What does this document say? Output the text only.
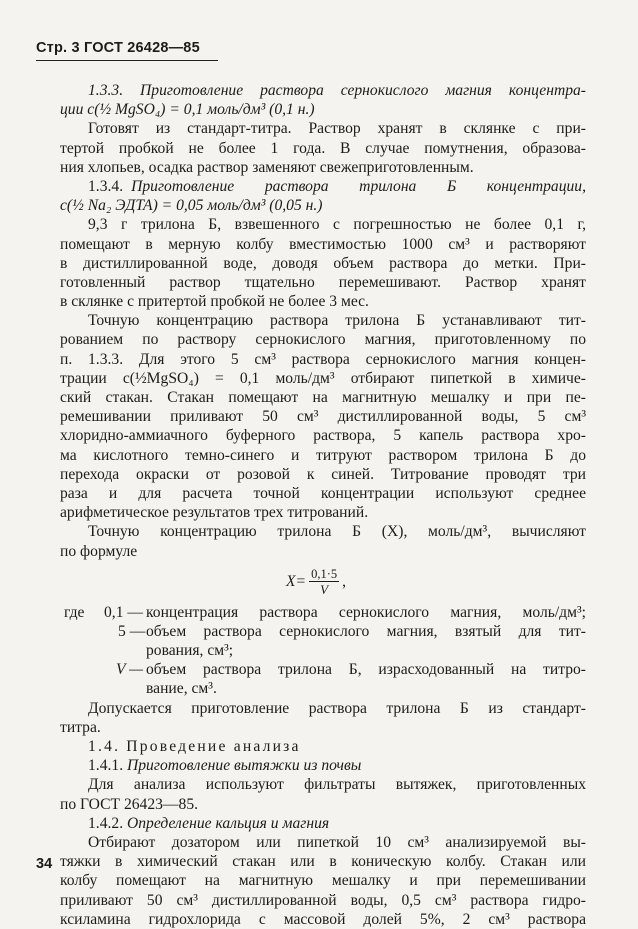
Стр. 3 ГОСТ 26428—85
1.3.3. Приготовление раствора сернокислого магния концентра-
ции c(½ MgSO₄) = 0,1 моль/дм³ (0,1 н.)
Готовят из стандарт-титра. Раствор хранят в склянке с при-
тертой пробкой не более 1 года. В случае помутнения, образова-
ния хлопьев, осадка раствор заменяют свежеприготовленным.
1.3.4. Приготовление раствора трилона Б концентрации,
c(½ Na₂ ЭДТА) = 0,05 моль/дм³ (0,05 н.)
9,3 г трилона Б, взвешенного с погрешностью не более 0,1 г,
помещают в мерную колбу вместимостью 1000 см³ и растворяют
в дистиллированной воде, доводя объем раствора до метки. При-
готовленный раствор тщательно перемешивают. Раствор хранят
в склянке с притертой пробкой не более 3 мес.
Точную концентрацию раствора трилона Б устанавливают тит-
рованием по раствору сернокислого магния, приготовленному по
п. 1.3.3. Для этого 5 см³ раствора сернокислого магния концен-
трации c(½MgSO₄) = 0,1 моль/дм³ отбирают пипеткой в химиче-
ский стакан. Стакан помещают на магнитную мешалку и при пе-
ремешивании приливают 50 см³ дистиллированной воды, 5 см³
хлоридно-аммиачного буферного раствора, 5 капель раствора хро-
ма кислотного темно-синего и титруют раствором трилона Б до
перехода окраски от розовой к синей. Титрование проводят три
раза и для расчета точной концентрации используют среднее
арифметическое результатов трех титрований.
Точную концентрацию трилона Б (X), моль/дм³, вычисляют
по формуле
$X= \frac{0,1\cdot 5}{V}$ ,
где 0,1 — концентрация раствора сернокислого магния, моль/дм³;
5 — объем раствора сернокислого магния, взятый для тит-
рования, см³;
V — объем раствора трилона Б, израсходованный на титро-
вание, см³.
Допускается приготовление раствора трилона Б из стандарт-
титра.
1.4. Проведение анализа
1.4.1. Приготовление вытяжки из почвы
Для анализа используют фильтраты вытяжек, приготовленных
по ГОСТ 26423—85.
1.4.2. Определение кальция и магния
Отбирают дозатором или пипеткой 10 см³ анализируемой вы-
тяжки в химический стакан или в коническую колбу. Стакан или
колбу помещают на магнитную мешалку и при перемешивании
приливают 50 см³ дистиллированной воды, 0,5 см³ раствора гидро-
ксиламина гидрохлорида с массовой долей 5%, 2 см³ раствора
34
